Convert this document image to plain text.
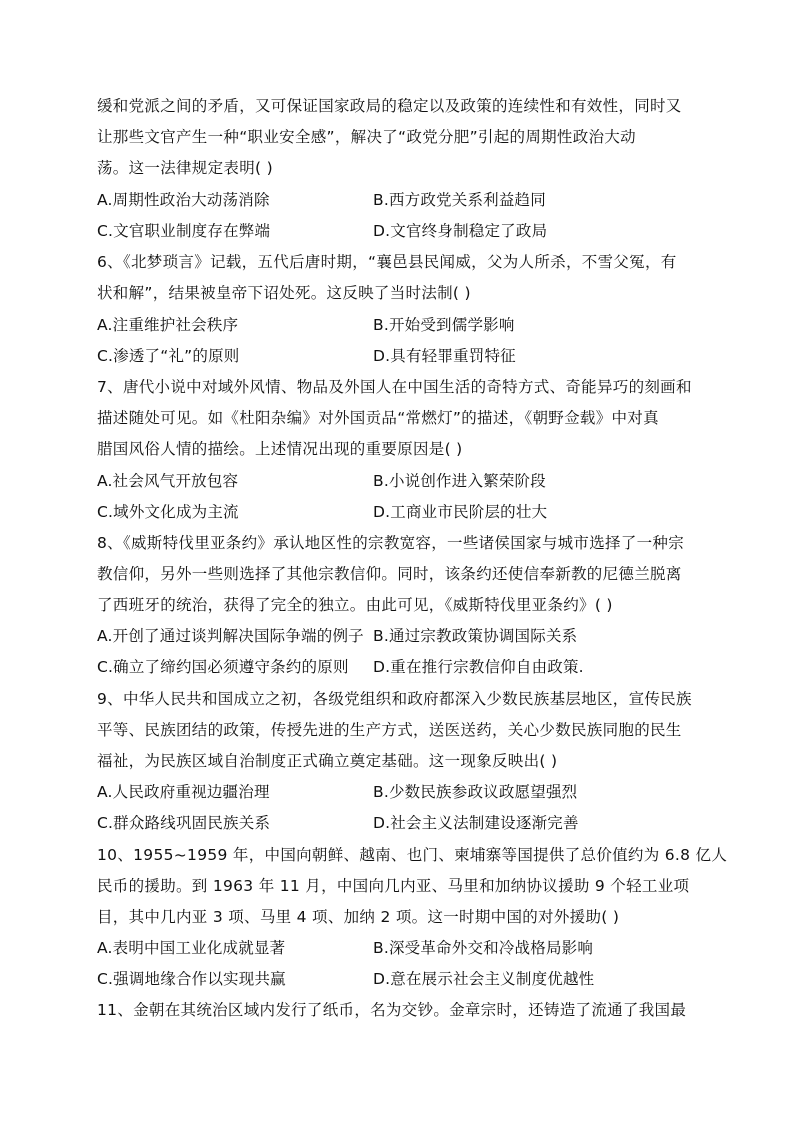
缓和党派之间的矛盾，又可保证国家政局的稳定以及政策的连续性和有效性，同时又
让那些文官产生一种“职业安全感”，解决了“政党分肥”引起的周期性政治大动
荡。这一法律规定表明( )
A.周期性政治大动荡消除	B.西方政党关系利益趋同
C.文官职业制度存在弊端	D.文官终身制稳定了政局
6、《北梦琐言》记载，五代后唐时期，“襄邑县民闻威，父为人所杀，不雪父冤，有
状和解”，结果被皇帝下诏处死。这反映了当时法制( )
A.注重维护社会秩序	B.开始受到儒学影响
C.渗透了“礼”的原则	D.具有轻罪重罚特征
7、唐代小说中对域外风情、物品及外国人在中国生活的奇特方式、奇能异巧的刻画和
描述随处可见。如《杜阳杂编》对外国贡品“常燃灯”的描述，《朝野佥载》中对真
腊国风俗人情的描绘。上述情况出现的重要原因是( )
A.社会风气开放包容	B.小说创作进入繁荣阶段
C.域外文化成为主流	D.工商业市民阶层的壮大
8、《威斯特伐里亚条约》承认地区性的宗教宽容，一些诸侯国家与城市选择了一种宗
教信仰，另外一些则选择了其他宗教信仰。同时，该条约还使信奉新教的尼德兰脱离
了西班牙的统治，获得了完全的独立。由此可见，《威斯特伐里亚条约》( )
A.开创了通过谈判解决国际争端的例子 B.通过宗教政策协调国际关系
C.确立了缔约国必须遵守条约的原则 D.重在推行宗教信仰自由政策.
9、中华人民共和国成立之初，各级党组织和政府都深入少数民族基层地区，宣传民族
平等、民族团结的政策，传授先进的生产方式，送医送药，关心少数民族同胞的民生
福祉，为民族区域自治制度正式确立奠定基础。这一现象反映出( )
A.人民政府重视边疆治理	B.少数民族参政议政愿望强烈
C.群众路线巩固民族关系	D.社会主义法制建设逐渐完善
10、1955~1959 年，中国向朝鲜、越南、也门、柬埔寨等国提供了总价值约为 6.8 亿人
民币的援助。到 1963 年 11 月，中国向几内亚、马里和加纳协议援助 9 个轻工业项
目，其中几内亚 3 项、马里 4 项、加纳 2 项。这一时期中国的对外援助( )
A.表明中国工业化成就显著	B.深受革命外交和冷战格局影响
C.强调地缘合作以实现共赢	D.意在展示社会主义制度优越性
11、金朝在其统治区域内发行了纸币，名为交钞。金章宗时，还铸造了流通了我国最
